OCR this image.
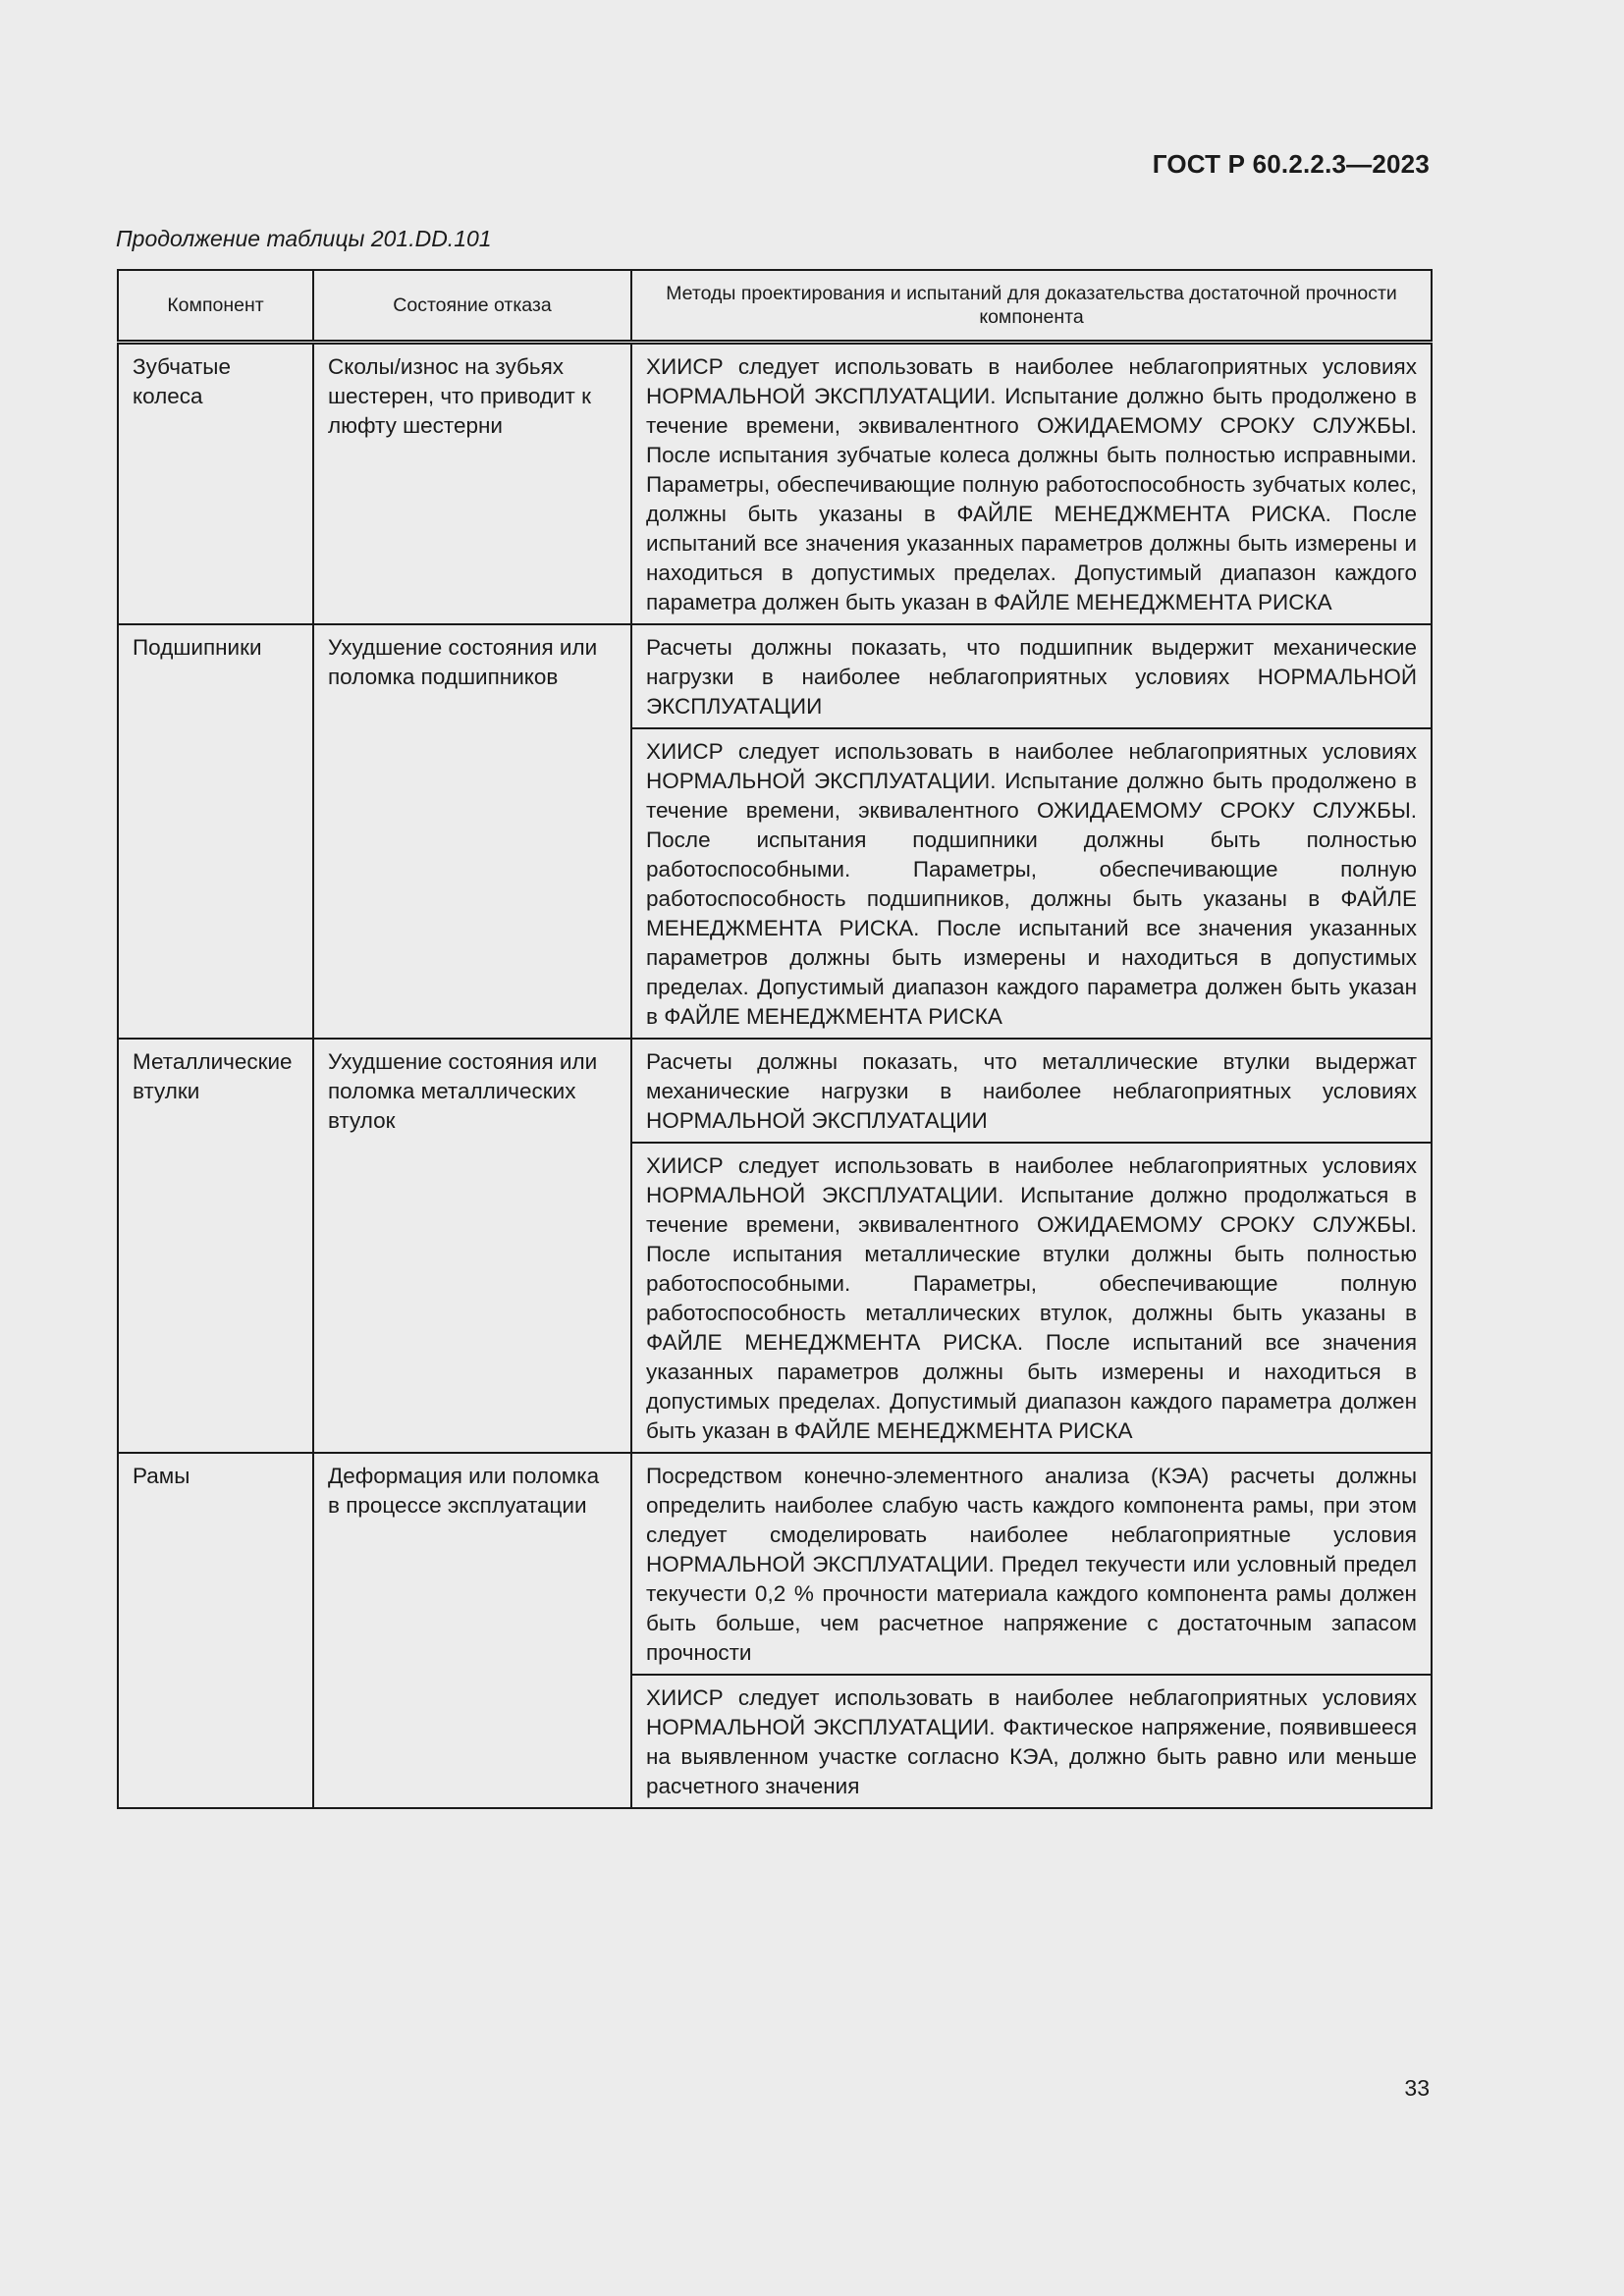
ГОСТ Р 60.2.2.3—2023
Продолжение таблицы 201.DD.101
Компонент	Состояние отказа	Методы проектирования и испытаний для доказательства достаточной прочности компонента
Зубчатые колеса	Сколы/износ на зубьях шестерен, что приводит к люфту шестерни	ХИИСР следует использовать в наиболее неблагоприятных условиях НОРМАЛЬНОЙ ЭКСПЛУАТАЦИИ. Испытание должно быть продолжено в течение времени, эквивалентного ОЖИДАЕМОМУ СРОКУ СЛУЖБЫ. После испытания зубчатые колеса должны быть полностью исправными. Параметры, обеспечивающие полную работоспособность зубчатых колес, должны быть указаны в ФАЙЛЕ МЕНЕДЖМЕНТА РИСКА. После испытаний все значения указанных параметров должны быть измерены и находиться в допустимых пределах. Допустимый диапазон каждого параметра должен быть указан в ФАЙЛЕ МЕНЕДЖМЕНТА РИСКА
Подшипники	Ухудшение состояния или поломка подшипников	Расчеты должны показать, что подшипник выдержит механические нагрузки в наиболее неблагоприятных условиях НОРМАЛЬНОЙ ЭКСПЛУАТАЦИИ
		ХИИСР следует использовать в наиболее неблагоприятных условиях НОРМАЛЬНОЙ ЭКСПЛУАТАЦИИ. Испытание должно быть продолжено в течение времени, эквивалентного ОЖИДАЕМОМУ СРОКУ СЛУЖБЫ. После испытания подшипники должны быть полностью работоспособными. Параметры, обеспечивающие полную работоспособность подшипников, должны быть указаны в ФАЙЛЕ МЕНЕДЖМЕНТА РИСКА. После испытаний все значения указанных параметров должны быть измерены и находиться в допустимых пределах. Допустимый диапазон каждого параметра должен быть указан в ФАЙЛЕ МЕНЕДЖМЕНТА РИСКА
Металлические втулки	Ухудшение состояния или поломка металлических втулок	Расчеты должны показать, что металлические втулки выдержат механические нагрузки в наиболее неблагоприятных условиях НОРМАЛЬНОЙ ЭКСПЛУАТАЦИИ
		ХИИСР следует использовать в наиболее неблагоприятных условиях НОРМАЛЬНОЙ ЭКСПЛУАТАЦИИ. Испытание должно продолжаться в течение времени, эквивалентного ОЖИДАЕМОМУ СРОКУ СЛУЖБЫ. После испытания металлические втулки должны быть полностью работоспособными. Параметры, обеспечивающие полную работоспособность металлических втулок, должны быть указаны в ФАЙЛЕ МЕНЕДЖМЕНТА РИСКА. После испытаний все значения указанных параметров должны быть измерены и находиться в допустимых пределах. Допустимый диапазон каждого параметра должен быть указан в ФАЙЛЕ МЕНЕДЖМЕНТА РИСКА
Рамы	Деформация или поломка в процессе эксплуатации	Посредством конечно-элементного анализа (КЭА) расчеты должны определить наиболее слабую часть каждого компонента рамы, при этом следует смоделировать наиболее неблагоприятные условия НОРМАЛЬНОЙ ЭКСПЛУАТАЦИИ. Предел текучести или условный предел текучести 0,2 % прочности материала каждого компонента рамы должен быть больше, чем расчетное напряжение с достаточным запасом прочности
		ХИИСР следует использовать в наиболее неблагоприятных условиях НОРМАЛЬНОЙ ЭКСПЛУАТАЦИИ. Фактическое напряжение, появившееся на выявленном участке согласно КЭА, должно быть равно или меньше расчетного значения
33
